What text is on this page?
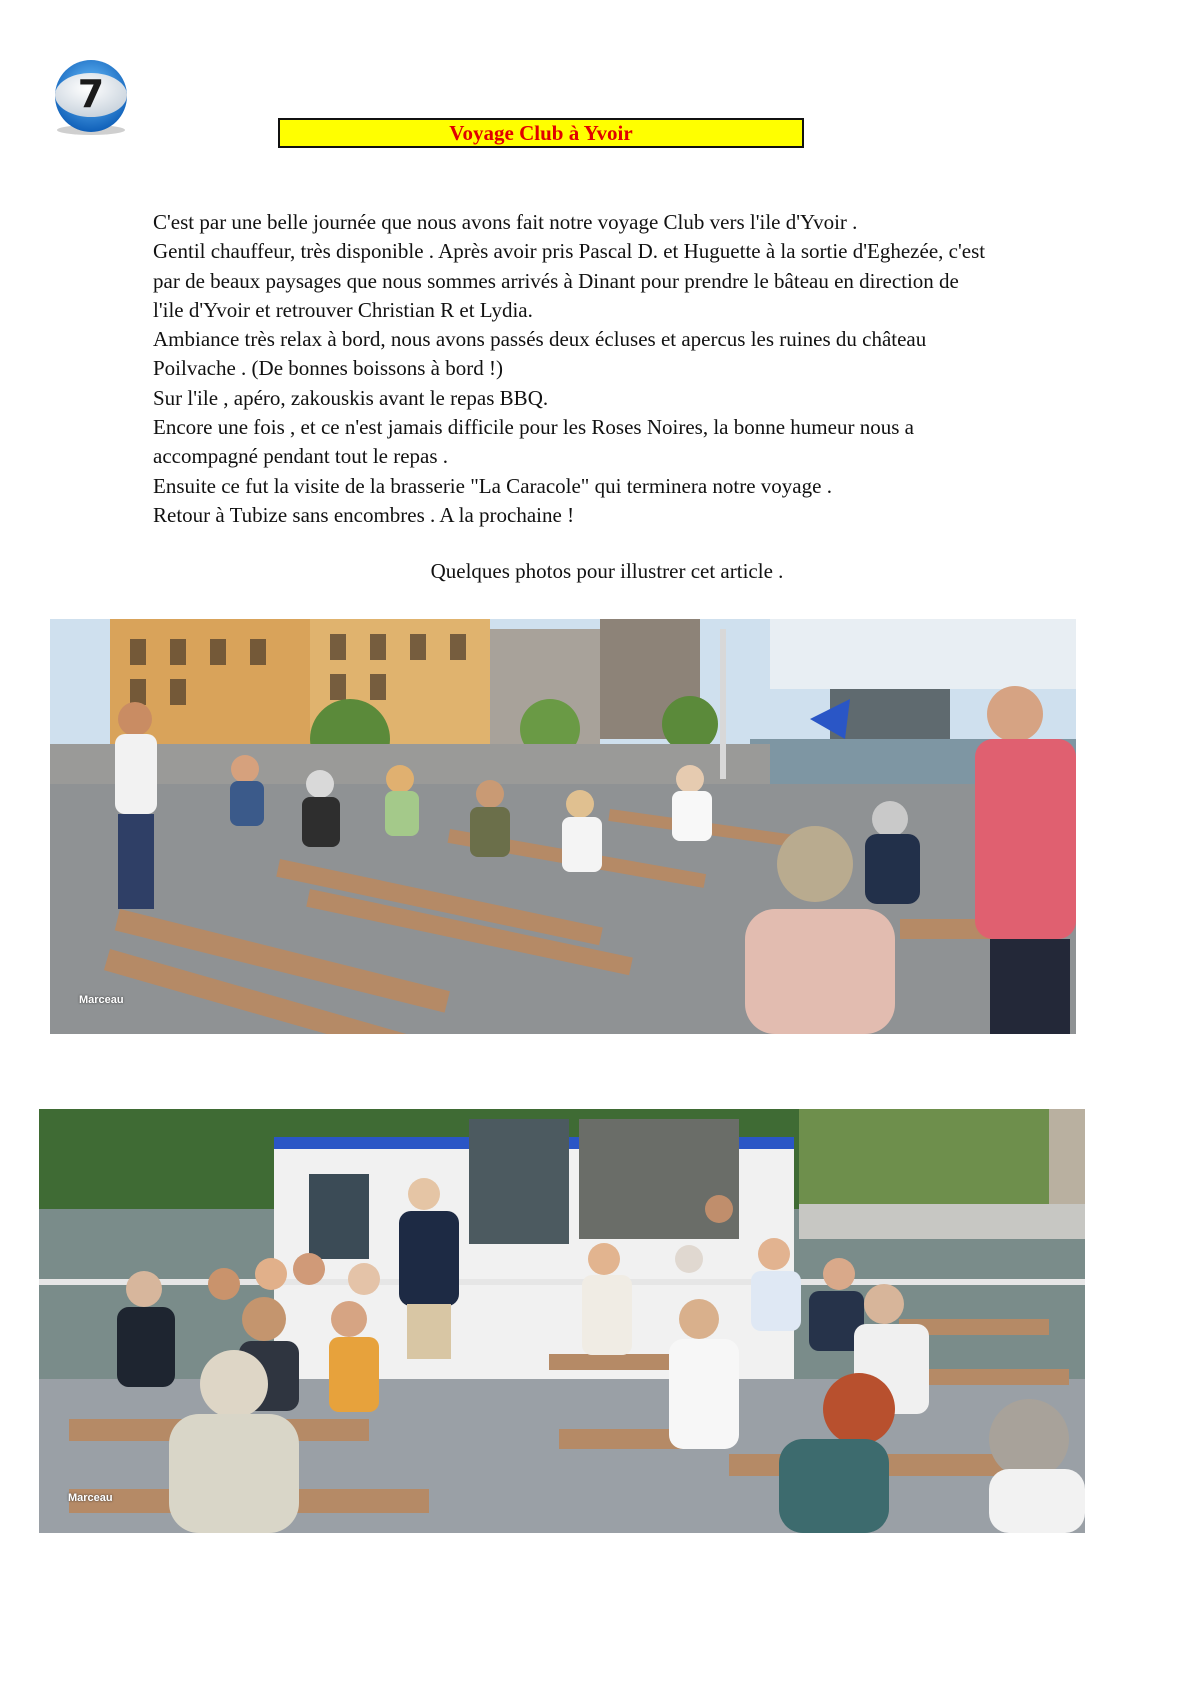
7
Voyage Club à Yvoir
C'est par une belle journée que nous avons fait notre voyage Club vers l'ile d'Yvoir .
Gentil chauffeur, très disponible . Après avoir pris Pascal D. et Huguette à la sortie d'Eghezée, c'est
par de beaux paysages que nous sommes arrivés à Dinant pour prendre le bâteau en direction de
l'ile d'Yvoir et retrouver Christian R et Lydia.
Ambiance très relax à bord, nous avons passés deux écluses et apercus les ruines du château
Poilvache . (De bonnes boissons à bord !)
Sur l'ile , apéro, zakouskis avant le repas BBQ.
Encore une fois , et ce n'est jamais difficile pour les Roses Noires, la bonne humeur nous a
accompagné pendant tout le repas .
Ensuite ce fut la visite de la brasserie "La Caracole" qui terminera notre voyage .
Retour à Tubize sans encombres . A la prochaine !
Quelques photos pour illustrer cet article .
Marceau
Marceau
